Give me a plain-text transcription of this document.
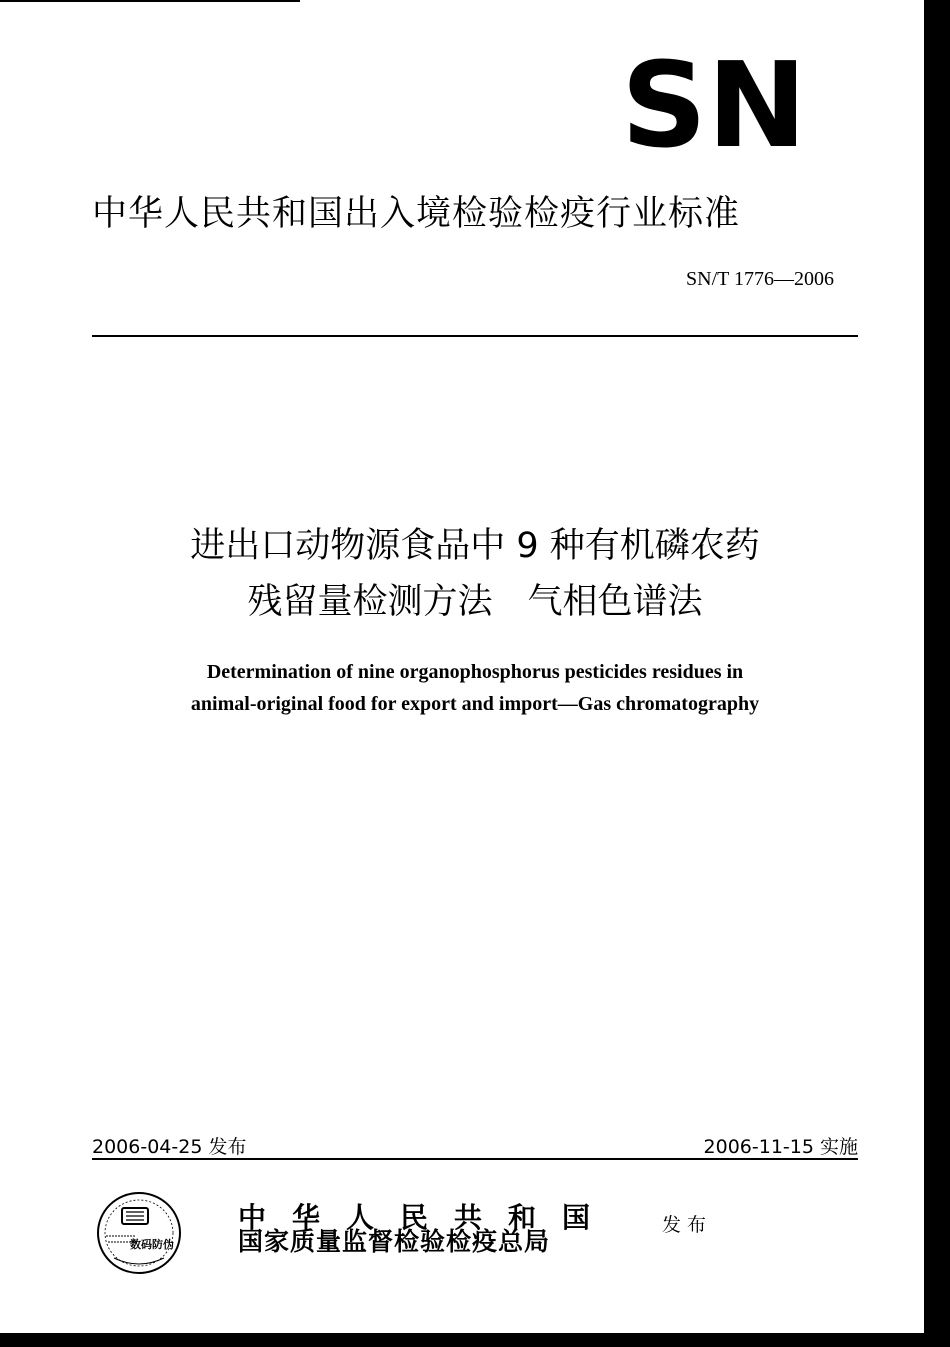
SN
中华人民共和国出入境检验检疫行业标准
SN/T 1776—2006
进出口动物源食品中 9 种有机磷农药
残留量检测方法　气相色谱法
Determination of nine organophosphorus pesticides residues in
animal-original food for export and import—Gas chromatography
2006-04-25 发布	2006-11-15 实施
数码防伪
中华人民共和国
国家质量监督检验检疫总局
发布
